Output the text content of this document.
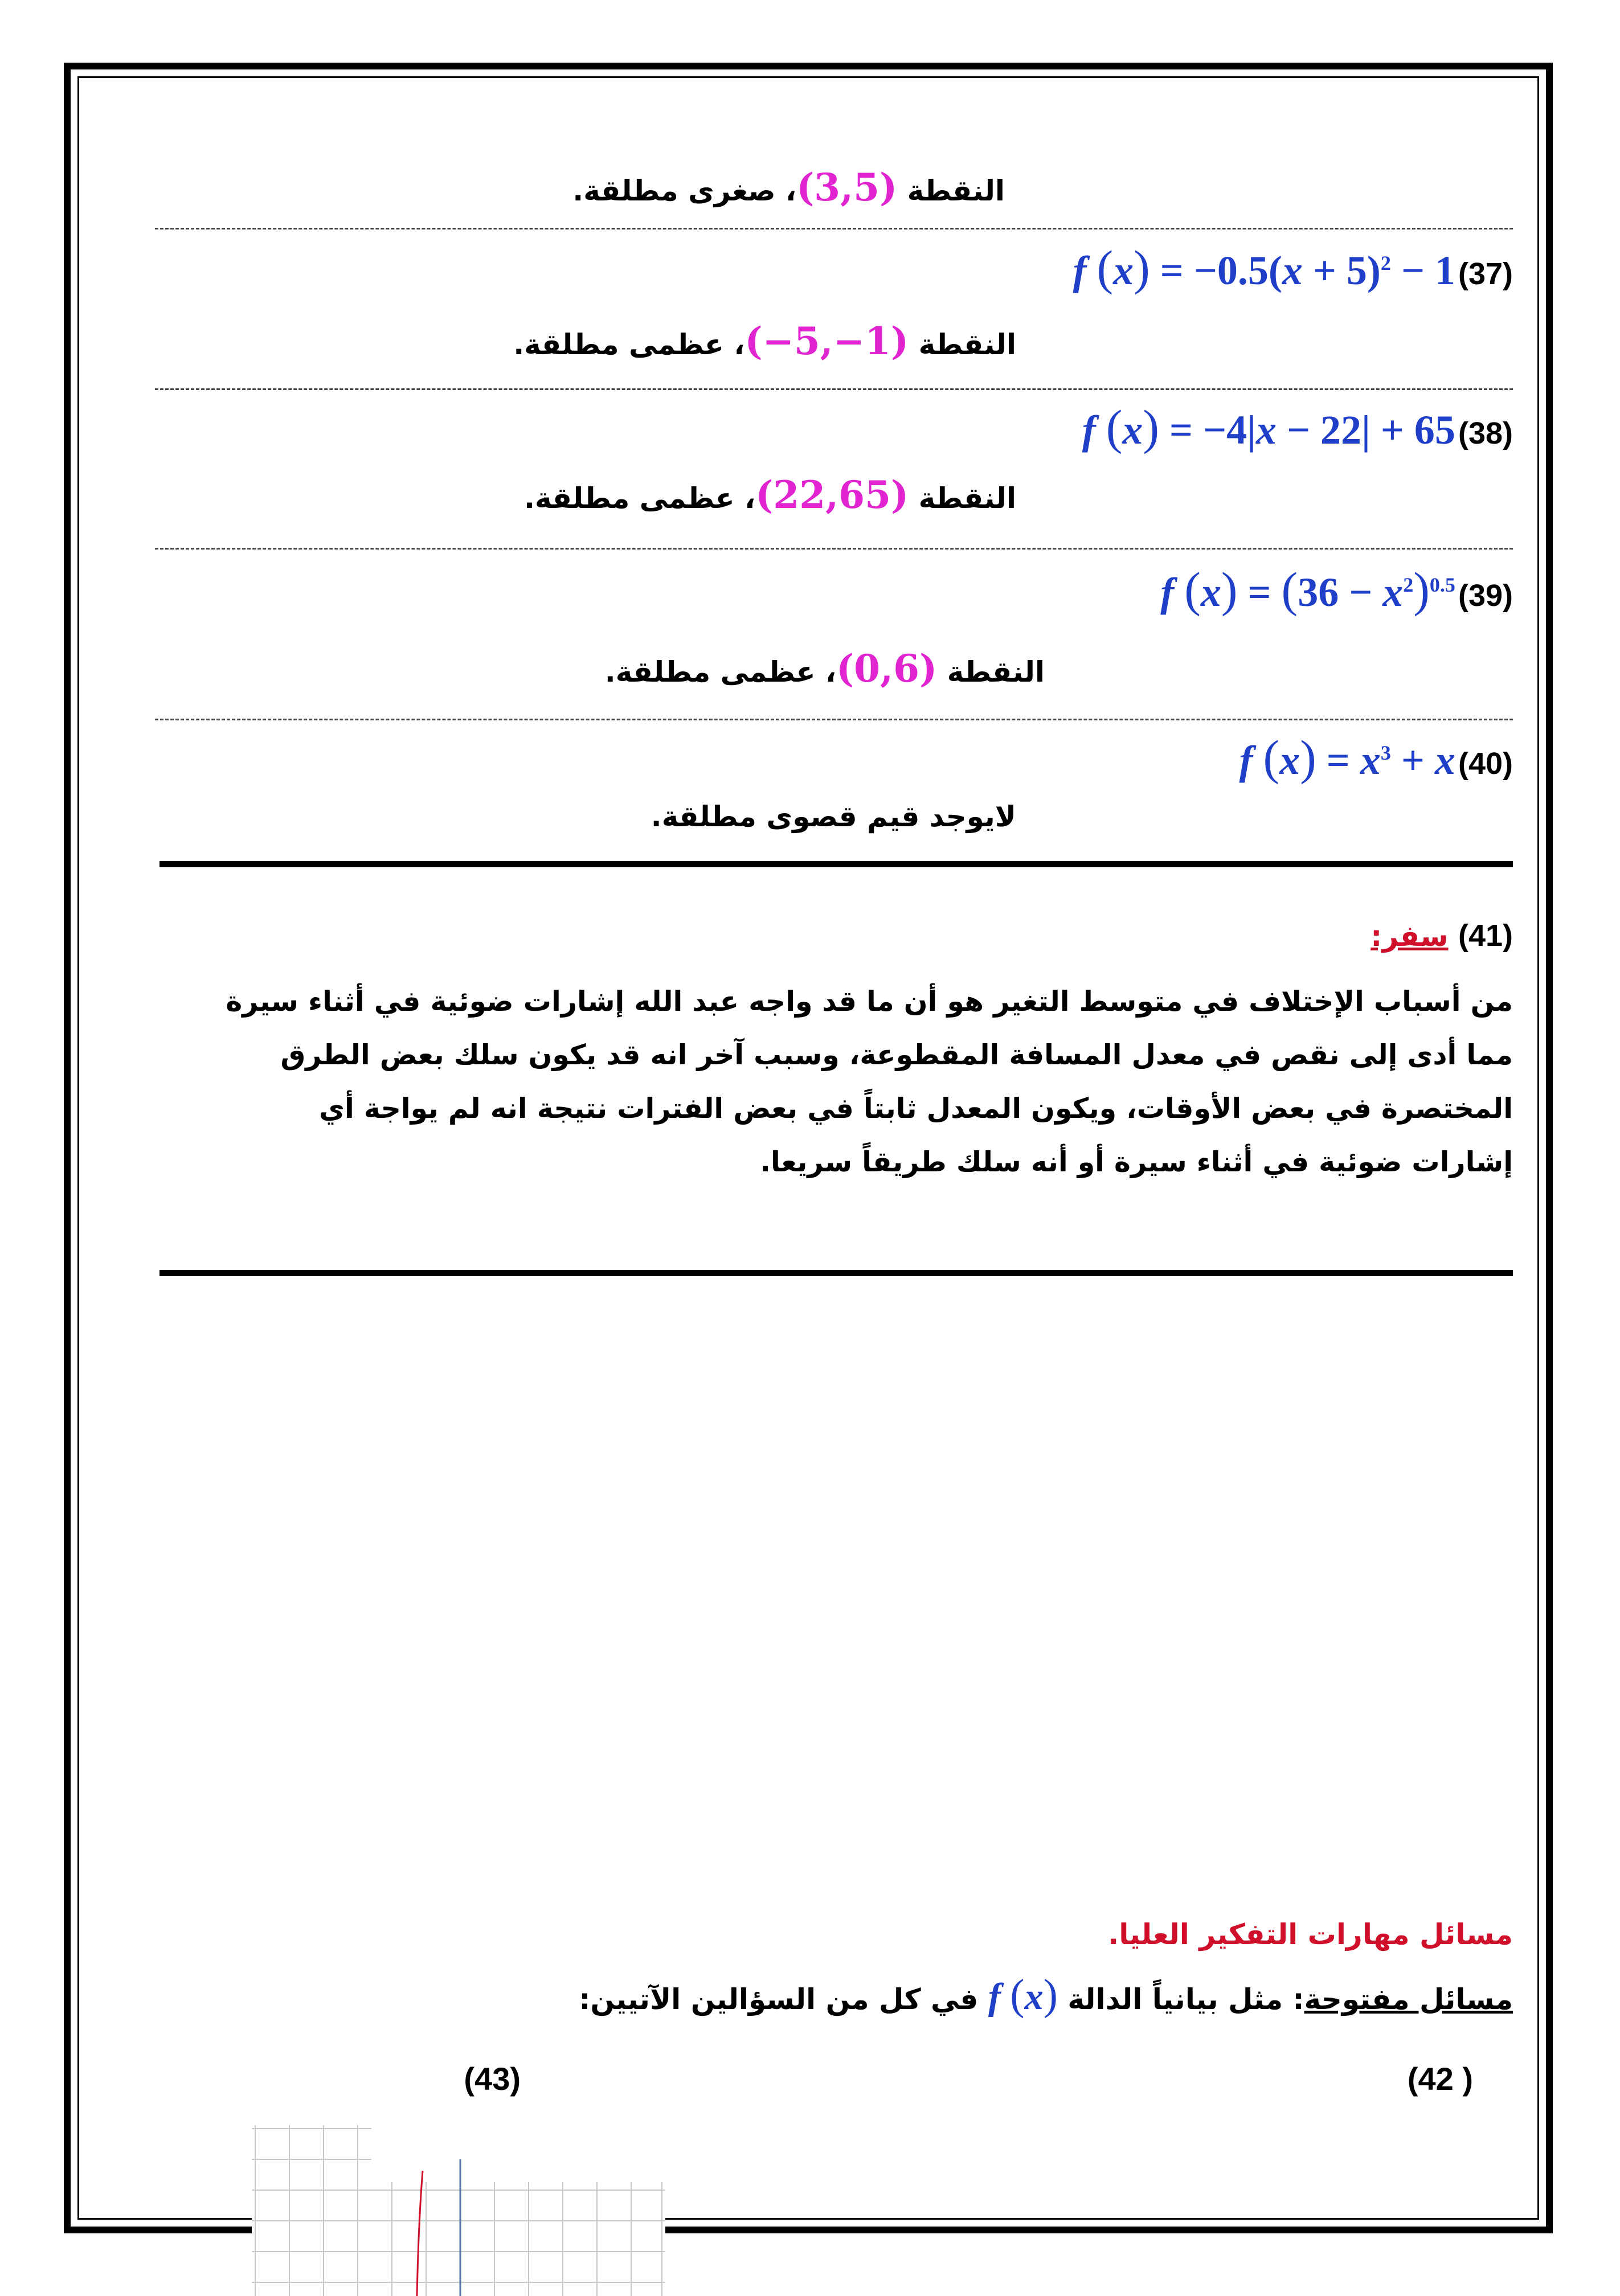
النقطة (3,5)، صغرى مطلقة.
(37) f $(x) = -0.5(x + 5)^2 - 1$
النقطة (−5,−1)، عظمى مطلقة.
(38) f (x) = −4|x − 22| + 65
النقطة (22,65)، عظمى مطلقة.
(39) f $(x) = (36 - x^2)^{0.5}$
النقطة (0,6)، عظمى مطلقة.
(40) f $(x) = x^3 + x$
لايوجد قيم قصوى مطلقة.
(41) سفر:

من أسباب الإختلاف في متوسط التغير هو أن ما قد واجه عبد الله إشارات ضوئية في أثناء سيرة

مما أدى إلى نقص في معدل المسافة المقطوعة، وسبب آخر انه قد يكون سلك بعض الطرق

المختصرة في بعض الأوقات، ويكون المعدل ثابتاً في بعض الفترات نتيجة انه لم يواجة أي

إشارات ضوئية في أثناء سيرة أو أنه سلك طريقاً سريعا.

مسائل مهارات التفكير العليا.
مسائل مفتوحة: مثل بيانياً الدالة f (x) في كل من السؤالين الآتيين:
( 42)
(43)
